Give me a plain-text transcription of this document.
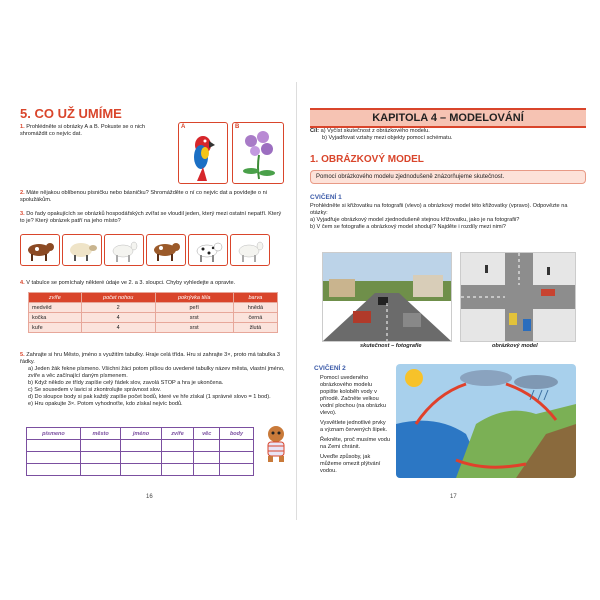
5. CO UŽ UMÍME
1. Prohlédněte si obrázky A a B. Pokuste se o nich shromáždit co nejvíc dat.
A	B
2. Máte nějakou oblíbenou písničku nebo básničku? Shromážděte o ní co nejvíc dat a povídejte o ni spolužákům.
3. Do řady opakujících se obrázků hospodářských zvířat se vloudil jeden, který mezi ostatní nepatří. Který to je? Který obrázek patří na jeho místo?
4. V tabulce se pomíchaly některé údaje ve 2. a 3. sloupci. Chyby vyhledejte a opravte.
zvíře	počet nohou	pokrývka těla	barva
medvěd	2	peří	hnědá
kočka	4	srst	černá
kuře	4	srst	žlutá
5. Zahrajte si hru Město, jméno s využitím tabulky. Hraje celá třída. Hru si zahrajte 3×, proto má tabulka 3 řádky.
a) Jeden žák řekne písmeno. Všichni žáci potom píšou do uvedené tabulky název města, vlastní jméno, zvíře a věc začínající daným písmenem.
b) Když někdo ze třídy zapíše celý řádek slov, zavolá STOP a hra je ukončena.
c) Se sousedem v lavici si zkontrolujte správnost slov.
d) Do sloupce body si pak každý zapíše počet bodů, které ve hře získal (1 správné slovo = 1 bod).
e) Hru opakujte 3×. Potom vyhodnoťte, kdo získal nejvíc bodů.
písmeno	město	jméno	zvíře	věc	body

16
KAPITOLA 4 – MODELOVÁNÍ
Cíl: a) Vyčíst skutečnost z obrázkového modelu.
b) Vyjadřovat vztahy mezi objekty pomocí schématu.
1. OBRÁZKOVÝ MODEL
Pomocí obrázkového modelu zjednodušeně znázorňujeme skutečnost.
CVIČENÍ 1
Prohlédněte si křižovatku na fotografii (vlevo) a obrázkový model této křižovatky (vpravo). Odpovězte na otázky:
a) Vyjadřuje obrázkový model zjednodušeně stejnou křižovatku, jako je na fotografii?
b) V čem se fotografie a obrázkový model shodují? Najděte i rozdíly mezi nimi?
skutečnost – fotografie	obrázkový model
CVIČENÍ 2
Pomocí uvedeného obrázkového modelu popište koloběh vody v přírodě. Začněte velkou vodní plochou (na obrázku vlevo).
Vysvětlete jednotlivé prvky a význam červených šipek.
Řekněte, proč musíme vodu na Zemi chránit.
Uveďte způsoby, jak můžeme omezit plýtvání vodou.
17
